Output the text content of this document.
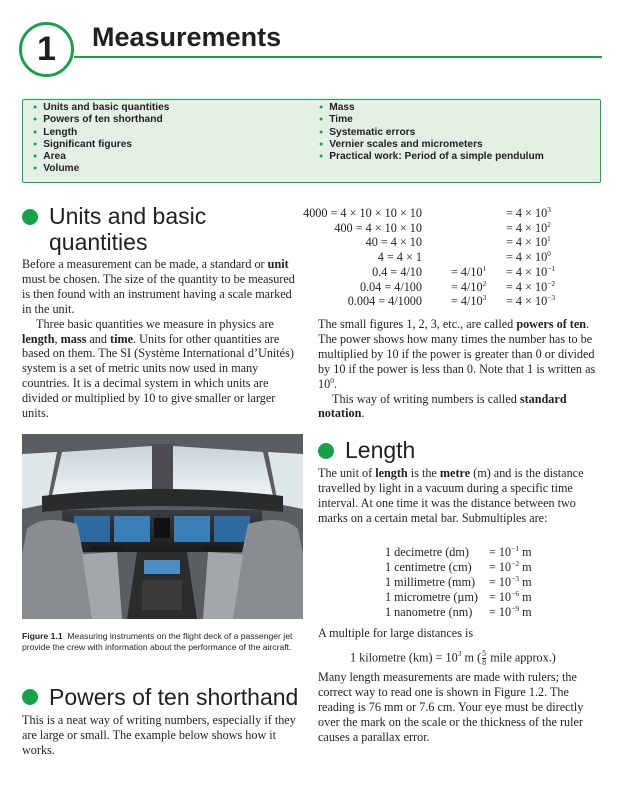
1 Measurements
● Units and basic quantities
● Powers of ten shorthand
● Length
● Significant figures
● Area
● Volume
● Mass
● Time
● Systematic errors
● Vernier scales and micrometers
● Practical work: Period of a simple pendulum
Units and basic
quantities

Before a measurement can be made, a standard or unit must be chosen. The size of the quantity to be measured is then found with an instrument having a scale marked in the unit.

Three basic quantities we measure in physics are length, mass and time. Units for other quantities are based on them. The SI (Système International d’Unités) system is a set of metric units now used in many countries. It is a decimal system in which units are divided or multiplied by 10 to give smaller or larger units.

Figure 1.1 Measuring instruments on the flight deck of a passenger jet provide the crew with information about the performance of the aircraft.
Powers of ten shorthand
This is a neat way of writing numbers, especially if they are large or small. The example below shows how it works.
4000 = 4 × 10 × 10 × 10	= $4 \times 10^3$
400 = 4 × 10 × 10	= $4 \times 10^2$
40 = 4 × 10	= $4 \times 10^1$
4 = 4 × 1	= $4 \times 10^0$
$0.4 = 4/10 = 4/10^1 = 4 \times 10^{-1}$
$0.04 = 4/100 = 4/10^2 = 4 \times 10^{-2}$
$0.004 = 4/1000 = 4/10^3 = 4 \times 10^{-3}$

The small figures 1, 2, 3, etc., are called powers of ten. The power shows how many times the number has to be multiplied by 10 if the power is greater than 0 or divided by 10 if the power is less than 0. Note that 1 is written as $10^0$.

This way of writing numbers is called standard notation.

Length

The unit of length is the metre (m) and is the distance travelled by light in a vacuum during a specific time interval. At one time it was the distance between two marks on a certain metal bar. Submultiples are:

1 decimetre $(dm) = 10^{-1}$ m
1 centimetre $(cm) = 10^{-2}$ m
1 millimetre $(mm) = 10^{-3}$ m
1 micrometre $(\mu m) = 10^{-6}$ m
1 nanometre $(nm) = 10^{-9}$ m
A multiple for large distances is
1 kilometre $(km) = 10^3$ m ( $\frac{5}{8}$ mile approx.)
Many length measurements are made with rulers; the correct way to read one is shown in Figure 1.2. The reading is 76 mm or 7.6 cm. Your eye must be directly over the mark on the scale or the thickness of the ruler causes a parallax error.
